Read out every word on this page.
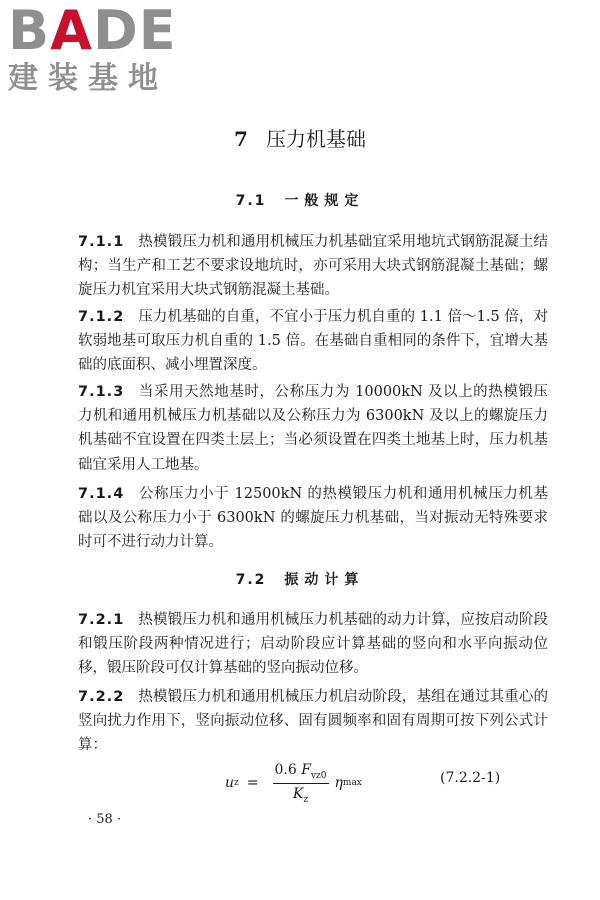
BADE
建装基地
7 压力机基础
7.1 一般规定
7.1.1 热模锻压力机和通用机械压力机基础宜采用地坑式钢筋混凝土结构；当生产和工艺不要求设地坑时，亦可采用大块式钢筋混凝土基础；螺旋压力机宜采用大块式钢筋混凝土基础。
7.1.2 压力机基础的自重，不宜小于压力机自重的 1.1 倍～1.5 倍，对软弱地基可取压力机自重的 1.5 倍。在基础自重相同的条件下，宜增大基础的底面积、减小埋置深度。
7.1.3 当采用天然地基时，公称压力为 10000kN 及以上的热模锻压力机和通用机械压力机基础以及公称压力为 6300kN 及以上的螺旋压力机基础不宜设置在四类土层上；当必须设置在四类土地基上时，压力机基础宜采用人工地基。
7.1.4 公称压力小于 12500kN 的热模锻压力机和通用机械压力机基础以及公称压力小于 6300kN 的螺旋压力机基础，当对振动无特殊要求时可不进行动力计算。
7.2 振动计算
7.2.1 热模锻压力机和通用机械压力机基础的动力计算，应按启动阶段和锻压阶段两种情况进行；启动阶段应计算基础的竖向和水平向振动位移，锻压阶段可仅计算基础的竖向振动位移。
7.2.2 热模锻压力机和通用机械压力机启动阶段，基组在通过其重心的竖向扰力作用下，竖向振动位移、固有圆频率和固有周期可按下列公式计算：
u $z = \frac{0.6 F_{vz0}}{K_z}$ η max	(7.2.2-1)
· 58 ·
